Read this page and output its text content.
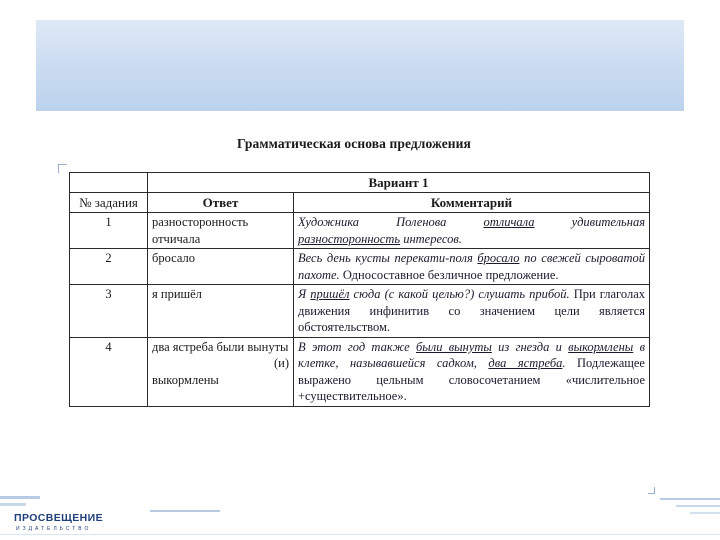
Грамматическая основа предложения
	Вариант 1	
№ задания	Ответ	Комментарий
1	разносторонность отчичала	Художника Поленова отличала удивительная разносторонность интересов.
2	бросало	Весь день кусты перекати-поля бросало по свежей сыроватой пахоте. Односоставное безличное предложение.
3	я пришёл	Я пришёл сюда (с какой целью?) слушать прибой. При глаголах движения инфинитив со значением цели является обстоятельством.
4	два ястреба были вынуты
(и)
выкормлены	В этот год также были вынуты из гнезда и выкормлены в клетке, называвшейся садком, два ястреба. Подлежащее выражено цельным словосочетанием «числительное +существительное».
ПРОСВЕЩЕНИЕ
ИЗДАТЕЛЬСТВО
